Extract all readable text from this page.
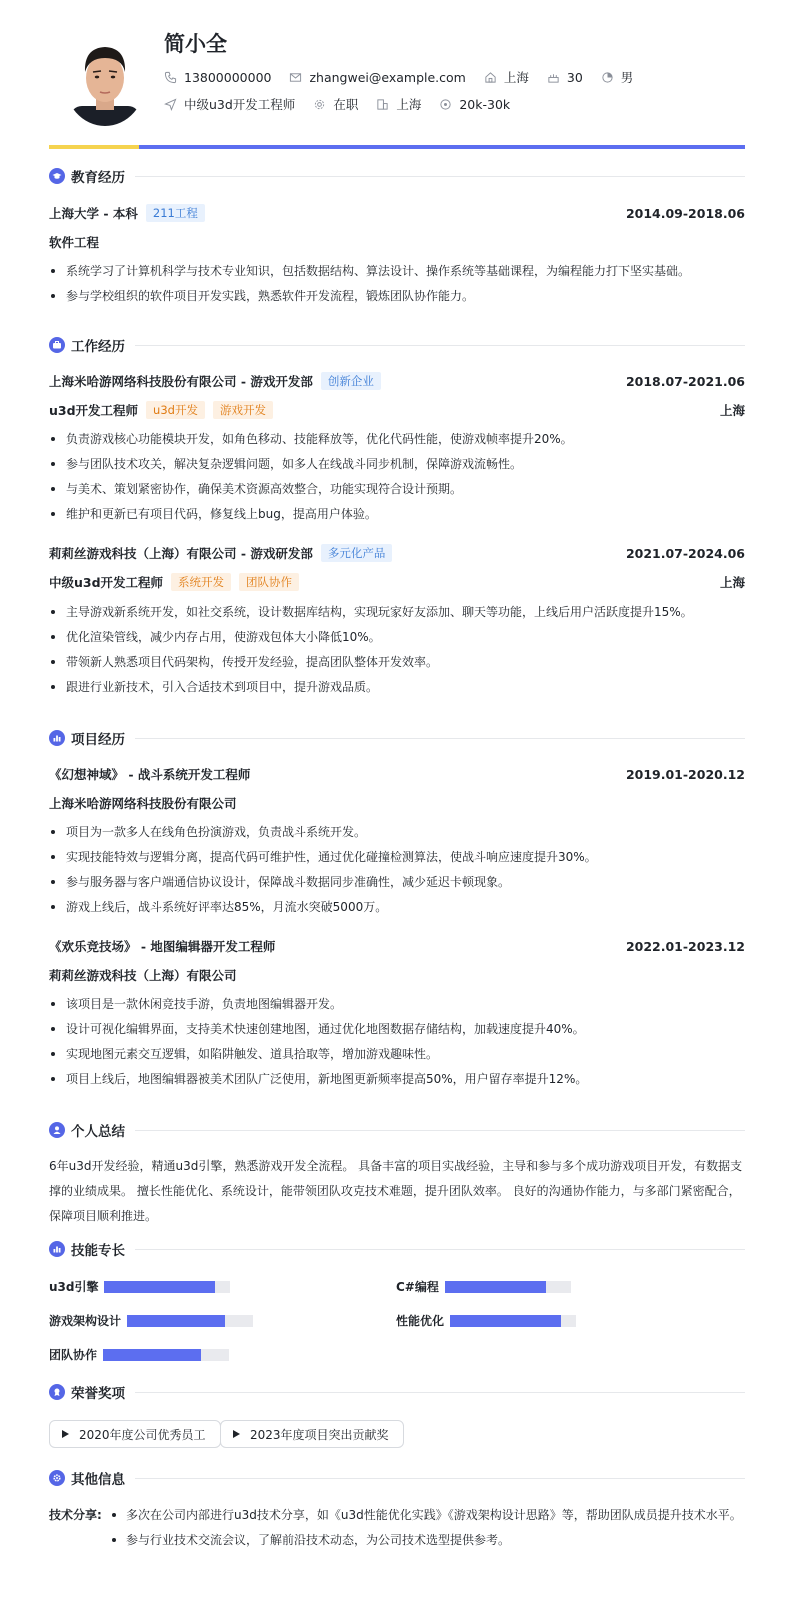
简小全
13800000000	zhangwei@example.com	上海	30	男
中级u3d开发工程师	在职	上海	20k-30k
教育经历
上海大学 - 本科	211工程	2014.09-2018.06
软件工程
系统学习了计算机科学与技术专业知识，包括数据结构、算法设计、操作系统等基础课程，为编程能力打下坚实基础。
参与学校组织的软件项目开发实践，熟悉软件开发流程，锻炼团队协作能力。
工作经历
上海米哈游网络科技股份有限公司 - 游戏开发部	创新企业	2018.07-2021.06
u3d开发工程师	u3d开发	游戏开发	上海
负责游戏核心功能模块开发，如角色移动、技能释放等，优化代码性能，使游戏帧率提升20%。
参与团队技术攻关，解决复杂逻辑问题，如多人在线战斗同步机制，保障游戏流畅性。
与美术、策划紧密协作，确保美术资源高效整合，功能实现符合设计预期。
维护和更新已有项目代码，修复线上bug，提高用户体验。
莉莉丝游戏科技（上海）有限公司 - 游戏研发部	多元化产品	2021.07-2024.06
中级u3d开发工程师	系统开发	团队协作	上海
主导游戏新系统开发，如社交系统，设计数据库结构，实现玩家好友添加、聊天等功能，上线后用户活跃度提升15%。
优化渲染管线，减少内存占用，使游戏包体大小降低10%。
带领新人熟悉项目代码架构，传授开发经验，提高团队整体开发效率。
跟进行业新技术，引入合适技术到项目中，提升游戏品质。
项目经历
《幻想神域》 - 战斗系统开发工程师	2019.01-2020.12
上海米哈游网络科技股份有限公司
项目为一款多人在线角色扮演游戏，负责战斗系统开发。
实现技能特效与逻辑分离，提高代码可维护性，通过优化碰撞检测算法，使战斗响应速度提升30%。
参与服务器与客户端通信协议设计，保障战斗数据同步准确性，减少延迟卡顿现象。
游戏上线后，战斗系统好评率达85%，月流水突破5000万。
《欢乐竞技场》 - 地图编辑器开发工程师	2022.01-2023.12
莉莉丝游戏科技（上海）有限公司
该项目是一款休闲竞技手游，负责地图编辑器开发。
设计可视化编辑界面，支持美术快速创建地图，通过优化地图数据存储结构，加载速度提升40%。
实现地图元素交互逻辑，如陷阱触发、道具拾取等，增加游戏趣味性。
项目上线后，地图编辑器被美术团队广泛使用，新地图更新频率提高50%，用户留存率提升12%。
个人总结
6年u3d开发经验，精通u3d引擎，熟悉游戏开发全流程。 具备丰富的项目实战经验，主导和参与多个成功游戏项目开发，有数据支
撑的业绩成果。 擅长性能优化、系统设计，能带领团队攻克技术难题，提升团队效率。 良好的沟通协作能力，与多部门紧密配合，
保障项目顺利推进。
技能专长
u3d引擎	C#编程
游戏架构设计	性能优化
团队协作
荣誉奖项
2020年度公司优秀员工	2023年度项目突出贡献奖
其他信息
技术分享:	多次在公司内部进行u3d技术分享，如《u3d性能优化实践》《游戏架构设计思路》等，帮助团队成员提升技术水平。
参与行业技术交流会议，了解前沿技术动态，为公司技术选型提供参考。
